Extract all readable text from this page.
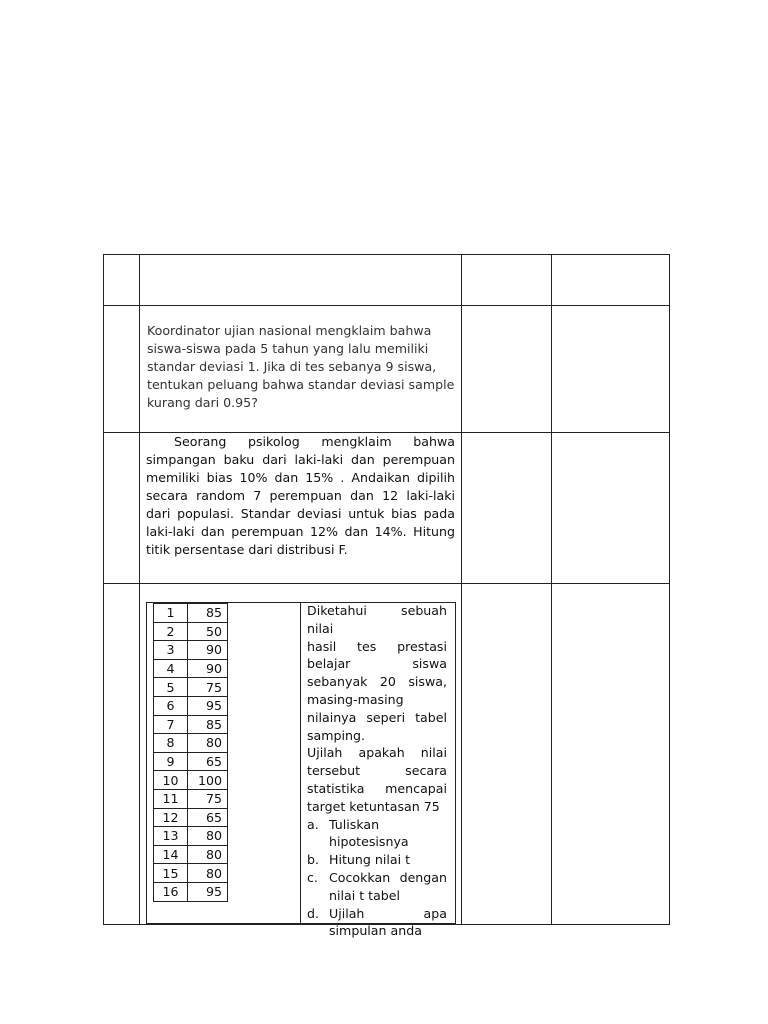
Koordinator ujian nasional mengklaim bahwa siswa-siswa pada 5 tahun yang lalu memiliki standar deviasi 1. Jika di tes sebanya 9 siswa, tentukan peluang bahwa standar deviasi sample kurang dari 0.95?

Seorang psikolog mengklaim bahwa simpangan baku dari laki-laki dan perempuan memiliki bias 10% dan 15% . Andaikan dipilih secara random 7 perempuan dan 12 laki-laki dari populasi. Standar deviasi untuk bias pada laki-laki dan perempuan 12% dan 14%. Hitung titik persentase dari distribusi F.

1	85
2	50
3	90
4	90
5	75
6	95
7	85
8	80
9	65
10	100
11	75
12	65
13	80
14	80
15	80
16	95

Diketahui sebuah nilai

hasil tes prestasi

belajar siswa

sebanyak 20 siswa,

masing-masing

nilainya seperi tabel

samping.

Ujilah apakah nilai

tersebut secara

statistika mencapai

target ketuntasan 75

a. Tuliskan
hipotesisnya
b. Hitung nilai t
c. Cocokkan dengan
nilai t tabel
d. Ujilah apa
simpulan anda
